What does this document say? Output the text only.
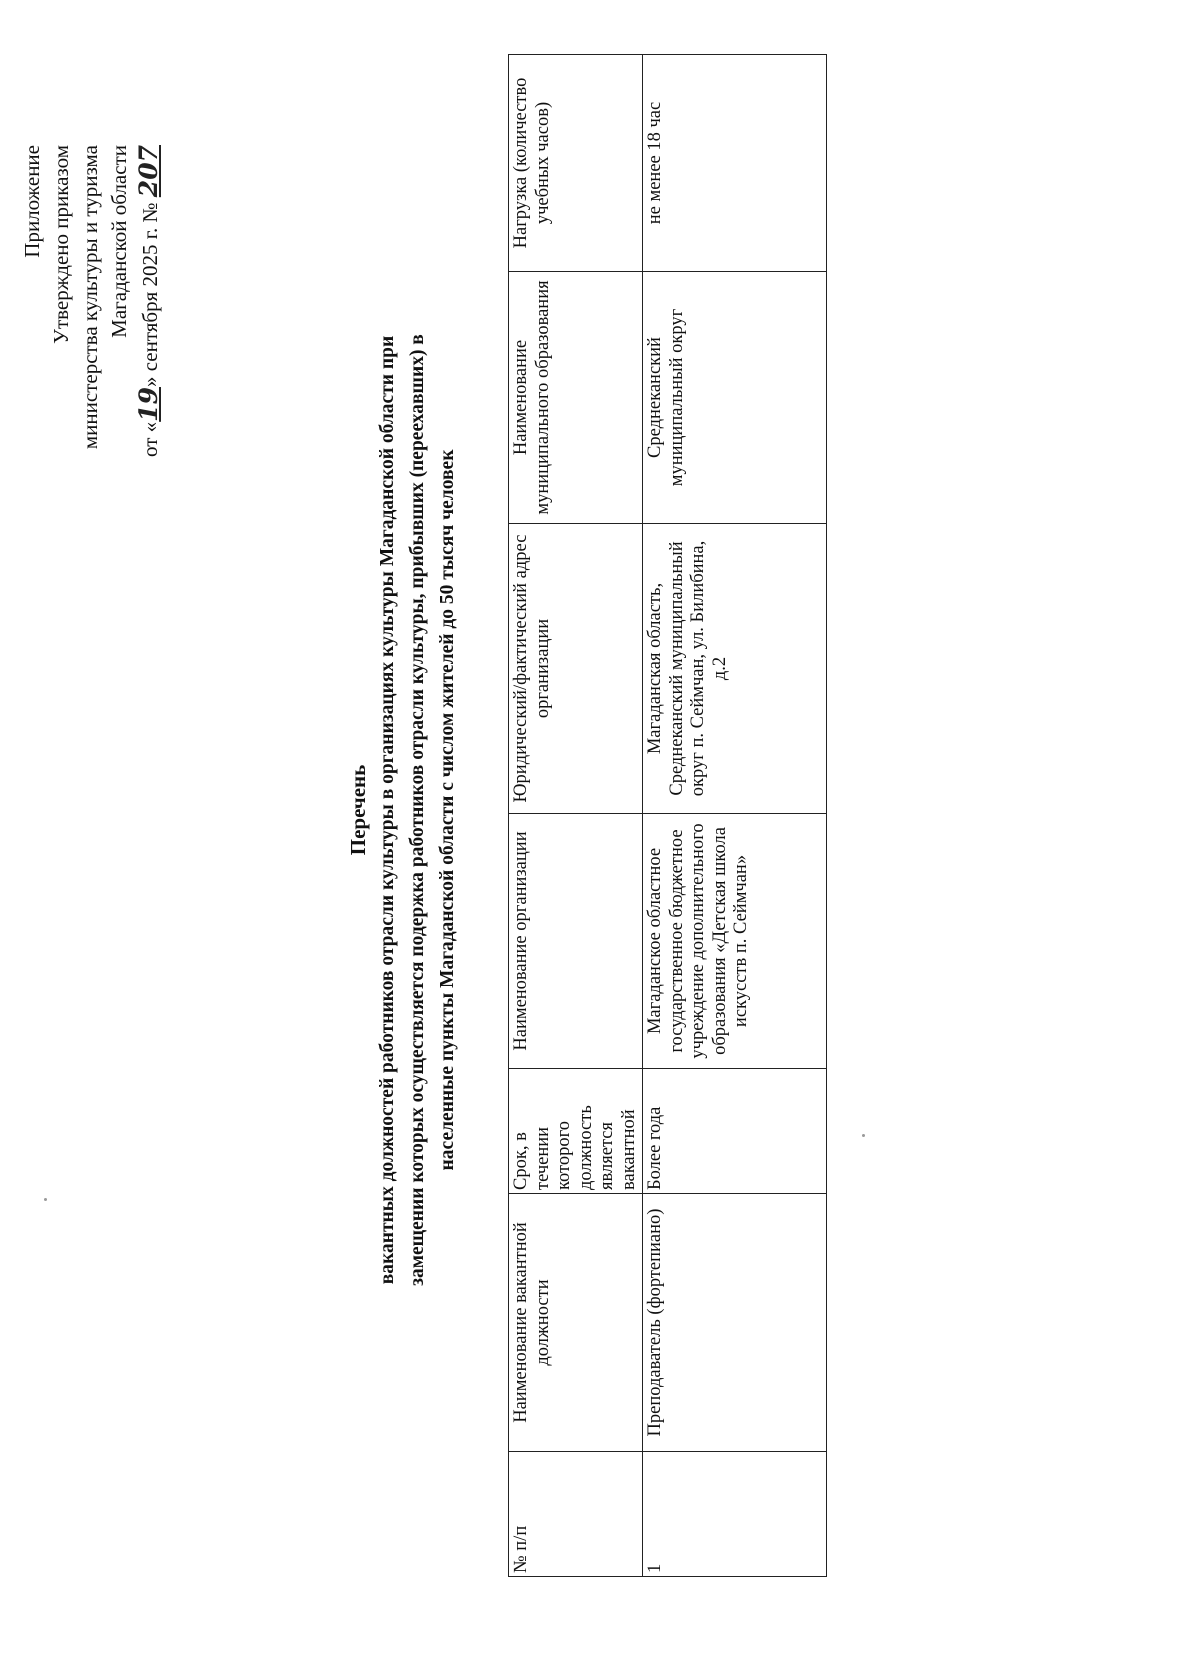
Приложение Утверждено приказом министерства культуры и туризма Магаданской области
от «19» сентября 2025 г. № 207
Перечень вакантных должностей работников отрасли культуры в организациях культуры Магаданской области при замещении которых осуществляется подержка работников отрасли культуры, прибывших (переехавших) в населенные пункты Магаданской области с числом жителей до 50 тысяч человек
№ п/п	Наименование вакантной должности	Срок, в течении которого должность является вакантной	Наименование организации	Юридический/фактический адрес организации	Наименование муниципального образования	Нагрузка (количество учебных часов)
1	Преподаватель (фортепиано)	Более года	Магаданское областное государственное бюджетное учреждение дополнительного образования «Детская школа искусств п. Сеймчан»	Магаданская область, Среднеканский муниципальный округ п. Сеймчан, ул. Билибина, д.2	Среднеканский муниципальный округ	не менее 18 час
